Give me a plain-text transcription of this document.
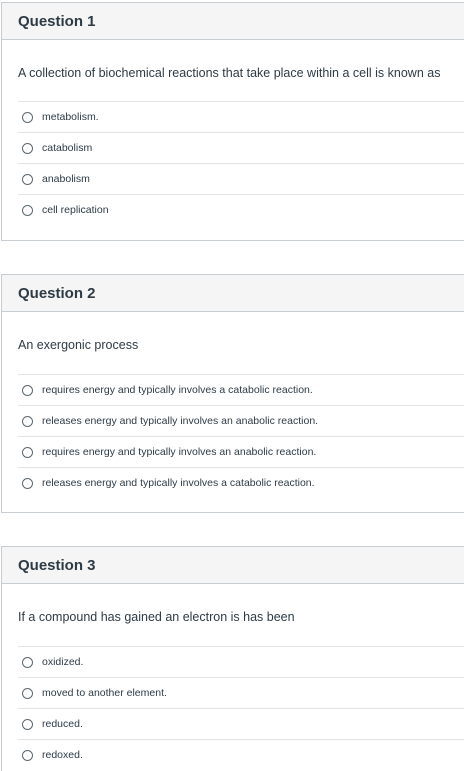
Question 1

A collection of biochemical reactions that take place within a cell is known as

metabolism.
catabolism
anabolism
cell replication
Question 2

An exergonic process

requires energy and typically involves a catabolic reaction.
releases energy and typically involves an anabolic reaction.
requires energy and typically involves an anabolic reaction.
releases energy and typically involves a catabolic reaction.
Question 3

If a compound has gained an electron is has been

oxidized.
moved to another element.
reduced.
redoxed.
